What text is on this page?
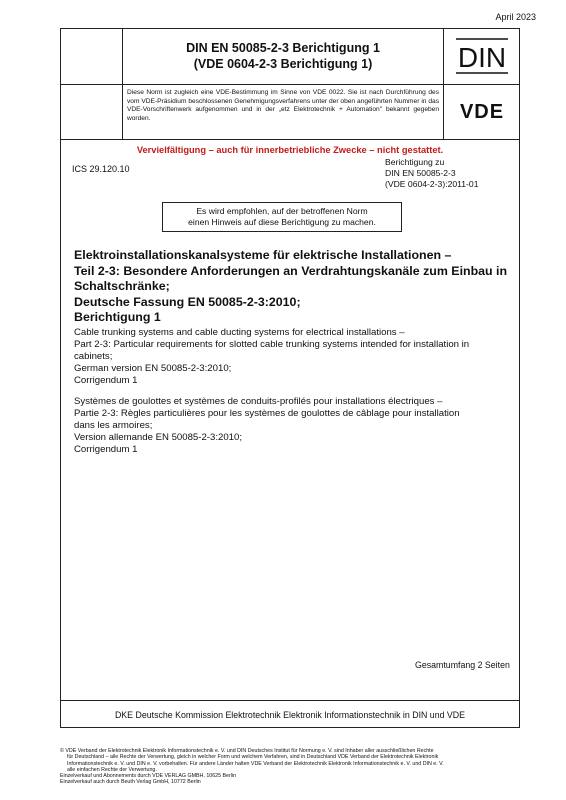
April 2023
DIN EN 50085-2-3 Berichtigung 1
(VDE 0604-2-3 Berichtigung 1)	DIN

Diese Norm ist zugleich eine VDE-Bestimmung im Sinne von VDE 0022. Sie ist nach Durchführung des vom VDE-Präsidium beschlossenen Genehmigungsverfahrens unter der oben angeführten Nummer in das VDE-Vorschriftenwerk aufgenommen und in der „etz Elektrotechnik + Automation" bekannt gegeben worden.	VDE
Vervielfältigung – auch für innerbetriebliche Zwecke – nicht gestattet.
ICS 29.120.10
Berichtigung zu
DIN EN 50085-2-3
(VDE 0604-2-3):2011-01
Es wird empfohlen, auf der betroffenen Norm
einen Hinweis auf diese Berichtigung zu machen.
Elektroinstallationskanalsysteme für elektrische Installationen –
Teil 2-3: Besondere Anforderungen an Verdrahtungskanäle zum Einbau in
Schaltschränke;
Deutsche Fassung EN 50085-2-3:2010;
Berichtigung 1
Cable trunking systems and cable ducting systems for electrical installations –
Part 2-3: Particular requirements for slotted cable trunking systems intended for installation in
cabinets;
German version EN 50085-2-3:2010;
Corrigendum 1
Systèmes de goulottes et systèmes de conduits-profilés pour installations électriques –
Partie 2-3: Règles particulières pour les systèmes de goulottes de câblage pour installation
dans les armoires;
Version allemande EN 50085-2-3:2010;
Corrigendum 1
Gesamtumfang 2 Seiten
DKE Deutsche Kommission Elektrotechnik Elektronik Informationstechnik in DIN und VDE
© VDE Verband der Elektrotechnik Elektronik Informationstechnik e. V. und DIN Deutsches Institut für Normung e. V. sind Inhaber aller ausschließlichen Rechte
für Deutschland – alle Rechte der Verwertung, gleich in welcher Form und welchem Verfahren, sind in Deutschland VDE Verband der Elektrotechnik Elektronik
Informationstechnik e. V. und DIN e. V. vorbehalten. Für andere Länder halten VDE Verband der Elektrotechnik Elektronik Informationstechnik e. V. und DIN e. V.
alle einfachen Rechte der Verwertung.
Einzelverkauf und Abonnements durch VDE VERLAG GMBH, 10625 Berlin
Einzelverkauf auch durch Beuth Verlag GmbH, 10772 Berlin
